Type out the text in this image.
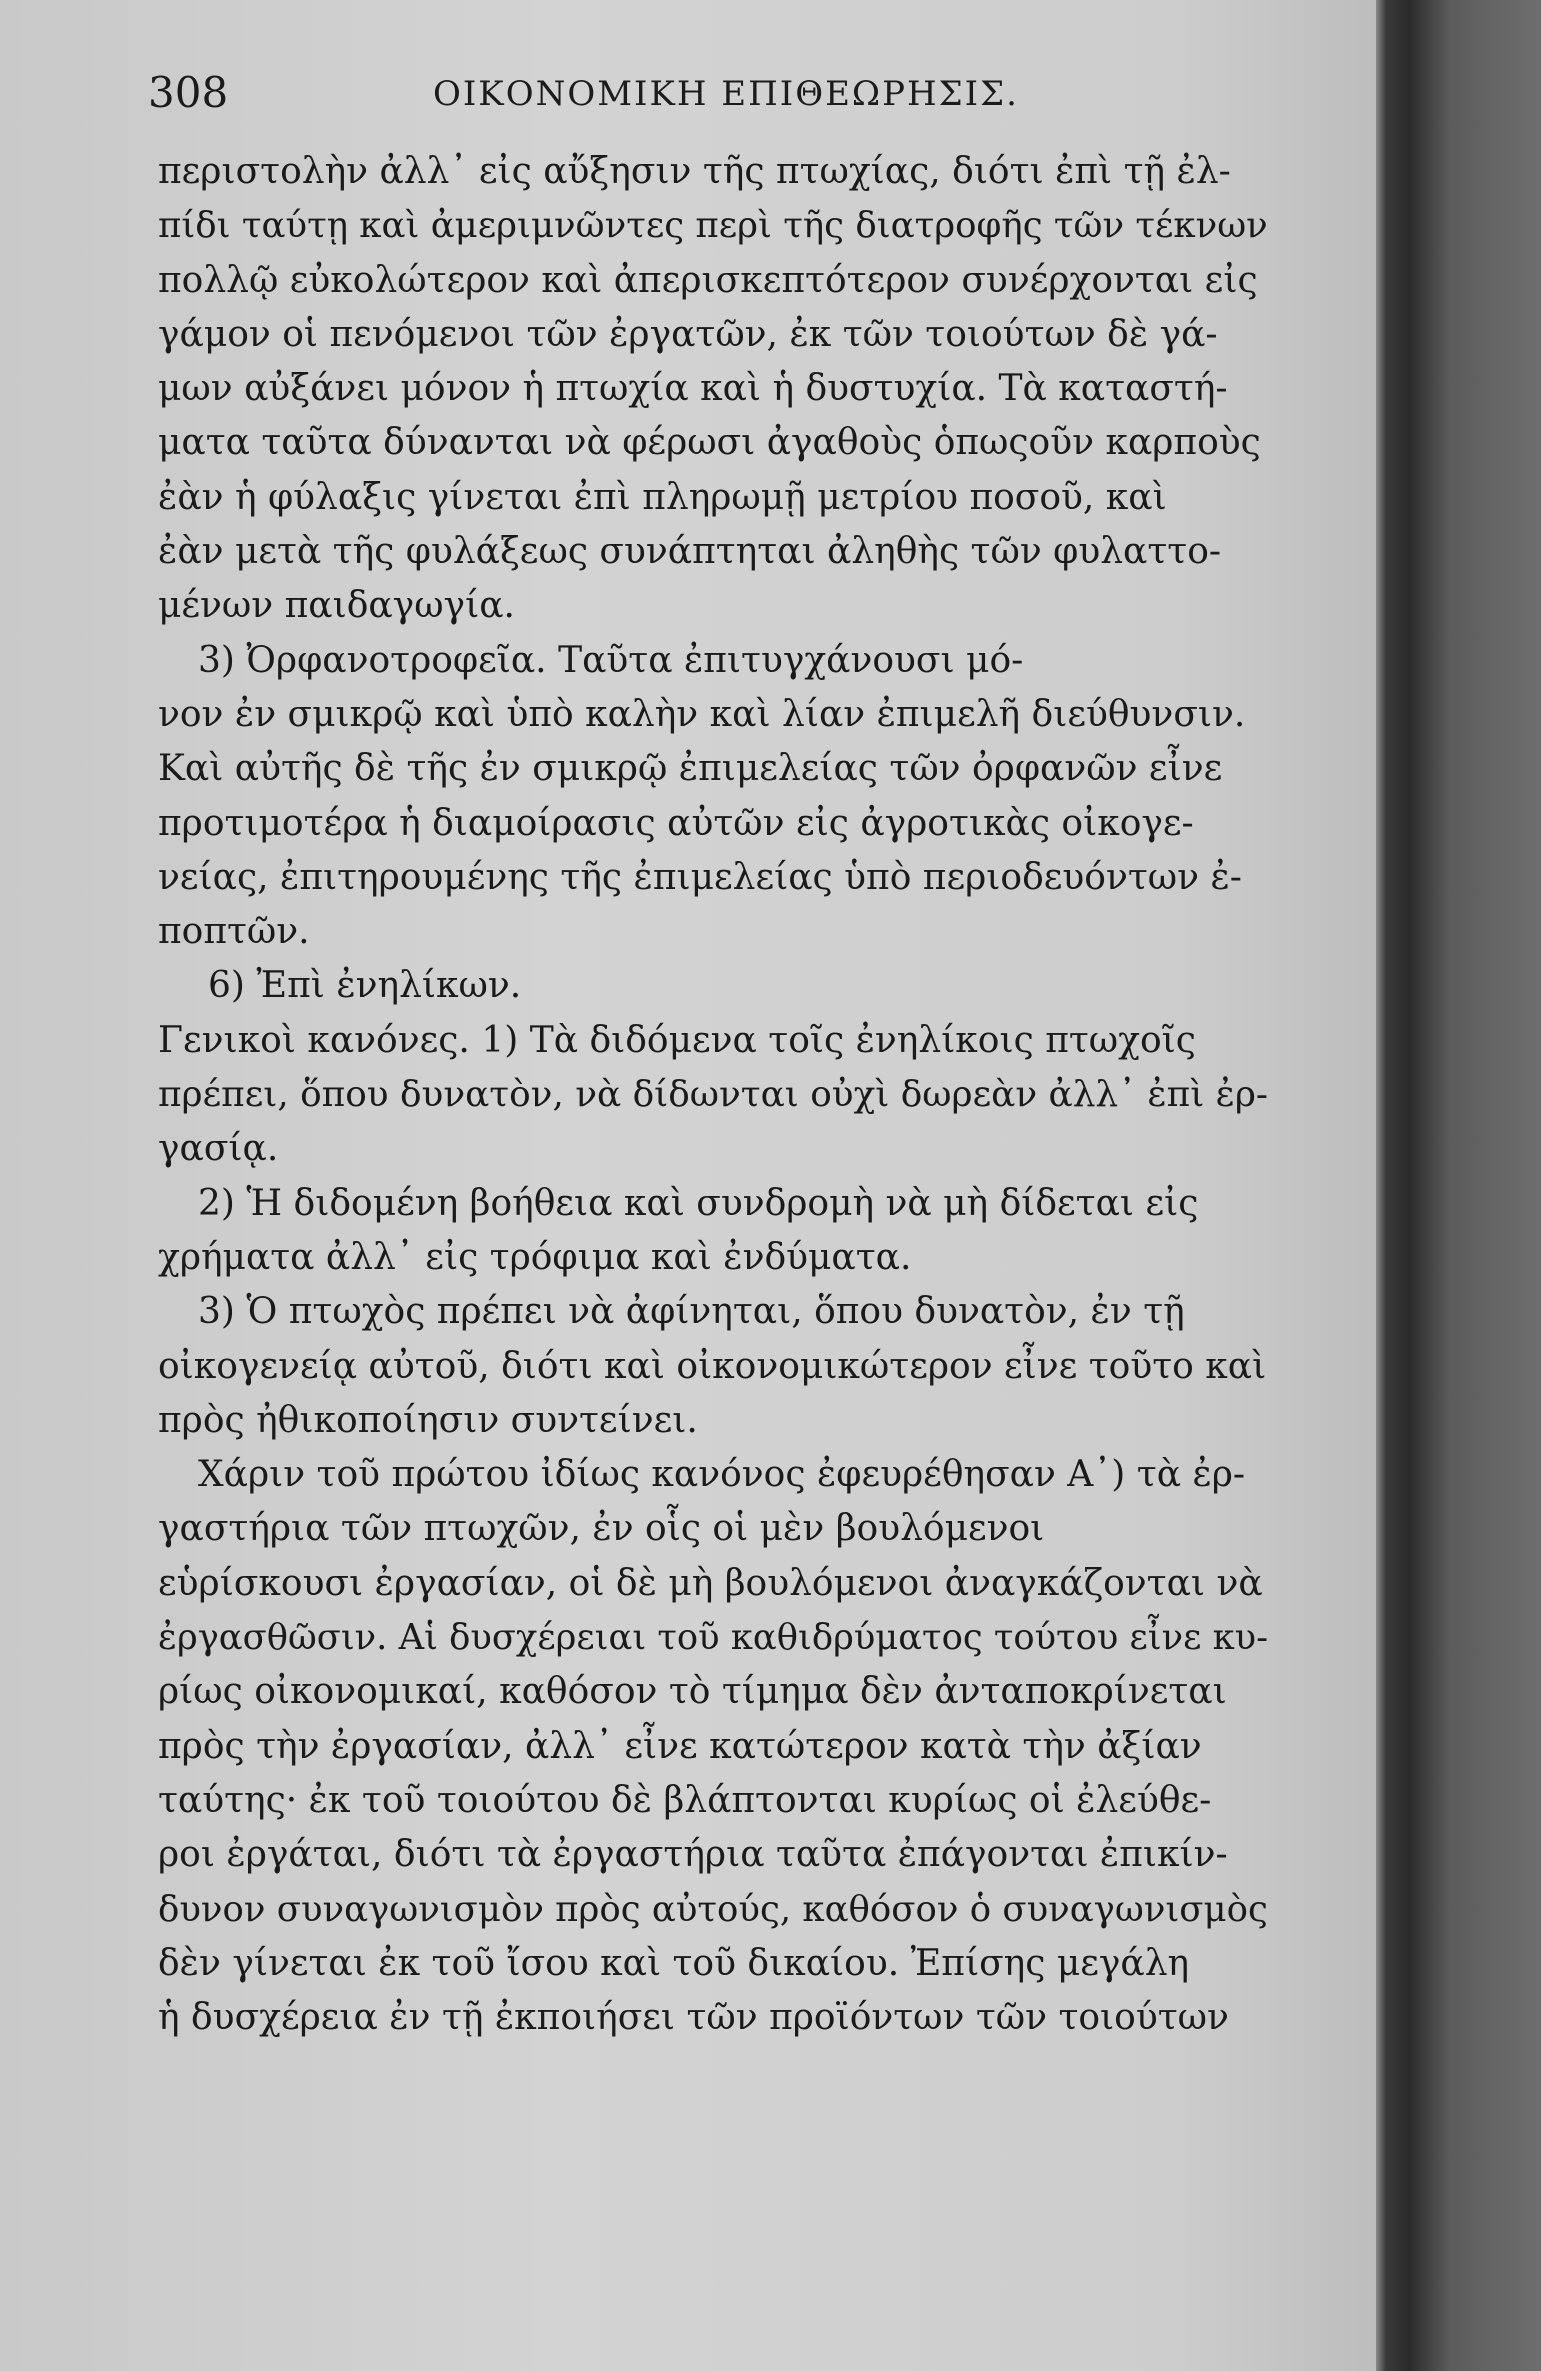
308	ΟΙΚΟΝΟΜΙΚΗ ΕΠΙΘΕΩΡΗΣΙΣ.
περιστολὴν ἀλλ᾿ εἰς αὔξησιν τῆς πτωχίας, διότι ἐπὶ τῇ ἐλ-
πίδι ταύτῃ καὶ ἀμεριμνῶντες περὶ τῆς διατροφῆς τῶν τέκνων
πολλῷ εὐκολώτερον καὶ ἀπερισκεπτότερον συνέρχονται εἰς
γάμον οἱ πενόμενοι τῶν ἐργατῶν, ἐκ τῶν τοιούτων δὲ γά-
μων αὐξάνει μόνον ἡ πτωχία καὶ ἡ δυστυχία. Τὰ καταστή-
ματα ταῦτα δύνανται νὰ φέρωσι ἀγαθοὺς ὁπωςοῦν καρποὺς
ἐὰν ἡ φύλαξις γίνεται ἐπὶ πληρωμῇ μετρίου ποσοῦ, καὶ
ἐὰν μετὰ τῆς φυλάξεως συνάπτηται ἀληθὴς τῶν φυλαττο-
μένων παιδαγωγία.
3) Ὀρφανοτροφεῖα. Ταῦτα ἐπιτυγχάνουσι μό-
νον ἐν σμικρῷ καὶ ὑπὸ καλὴν καὶ λίαν ἐπιμελῆ διεύθυνσιν.
Καὶ αὐτῆς δὲ τῆς ἐν σμικρῷ ἐπιμελείας τῶν ὀρφανῶν εἶνε
προτιμοτέρα ἡ διαμοίρασις αὐτῶν εἰς ἀγροτικὰς οἰκογε-
νείας, ἐπιτηρουμένης τῆς ἐπιμελείας ὑπὸ περιοδευόντων ἐ-
ποπτῶν.
6) Ἐπὶ ἐνηλίκων.
Γενικοὶ κανόνες. 1) Τὰ διδόμενα τοῖς ἐνηλίκοις πτωχοῖς
πρέπει, ὅπου δυνατὸν, νὰ δίδωνται οὐχὶ δωρεὰν ἀλλ᾿ ἐπὶ ἐρ-
γασίᾳ.
2) Ἡ διδομένη βοήθεια καὶ συνδρομὴ νὰ μὴ δίδεται εἰς
χρήματα ἀλλ᾿ εἰς τρόφιμα καὶ ἐνδύματα.
3) Ὁ πτωχὸς πρέπει νὰ ἀφίνηται, ὅπου δυνατὸν, ἐν τῇ
οἰκογενείᾳ αὐτοῦ, διότι καὶ οἰκονομικώτερον εἶνε τοῦτο καὶ
πρὸς ἠθικοποίησιν συντείνει.
Χάριν τοῦ πρώτου ἰδίως κανόνος ἐφευρέθησαν Α᾿) τὰ ἐρ-
γαστήρια τῶν πτωχῶν, ἐν οἷς οἱ μὲν βουλόμενοι
εὑρίσκουσι ἐργασίαν, οἱ δὲ μὴ βουλόμενοι ἀναγκάζονται νὰ
ἐργασθῶσιν. Αἱ δυσχέρειαι τοῦ καθιδρύματος τούτου εἶνε κυ-
ρίως οἰκονομικαί, καθόσον τὸ τίμημα δὲν ἀνταποκρίνεται
πρὸς τὴν ἐργασίαν, ἀλλ᾿ εἶνε κατώτερον κατὰ τὴν ἀξίαν
ταύτης· ἐκ τοῦ τοιούτου δὲ βλάπτονται κυρίως οἱ ἐλεύθε-
ροι ἐργάται, διότι τὰ ἐργαστήρια ταῦτα ἐπάγονται ἐπικίν-
δυνον συναγωνισμὸν πρὸς αὐτούς, καθόσον ὁ συναγωνισμὸς
δὲν γίνεται ἐκ τοῦ ἴσου καὶ τοῦ δικαίου. Ἐπίσης μεγάλη
ἡ δυσχέρεια ἐν τῇ ἐκποιήσει τῶν προϊόντων τῶν τοιούτων
